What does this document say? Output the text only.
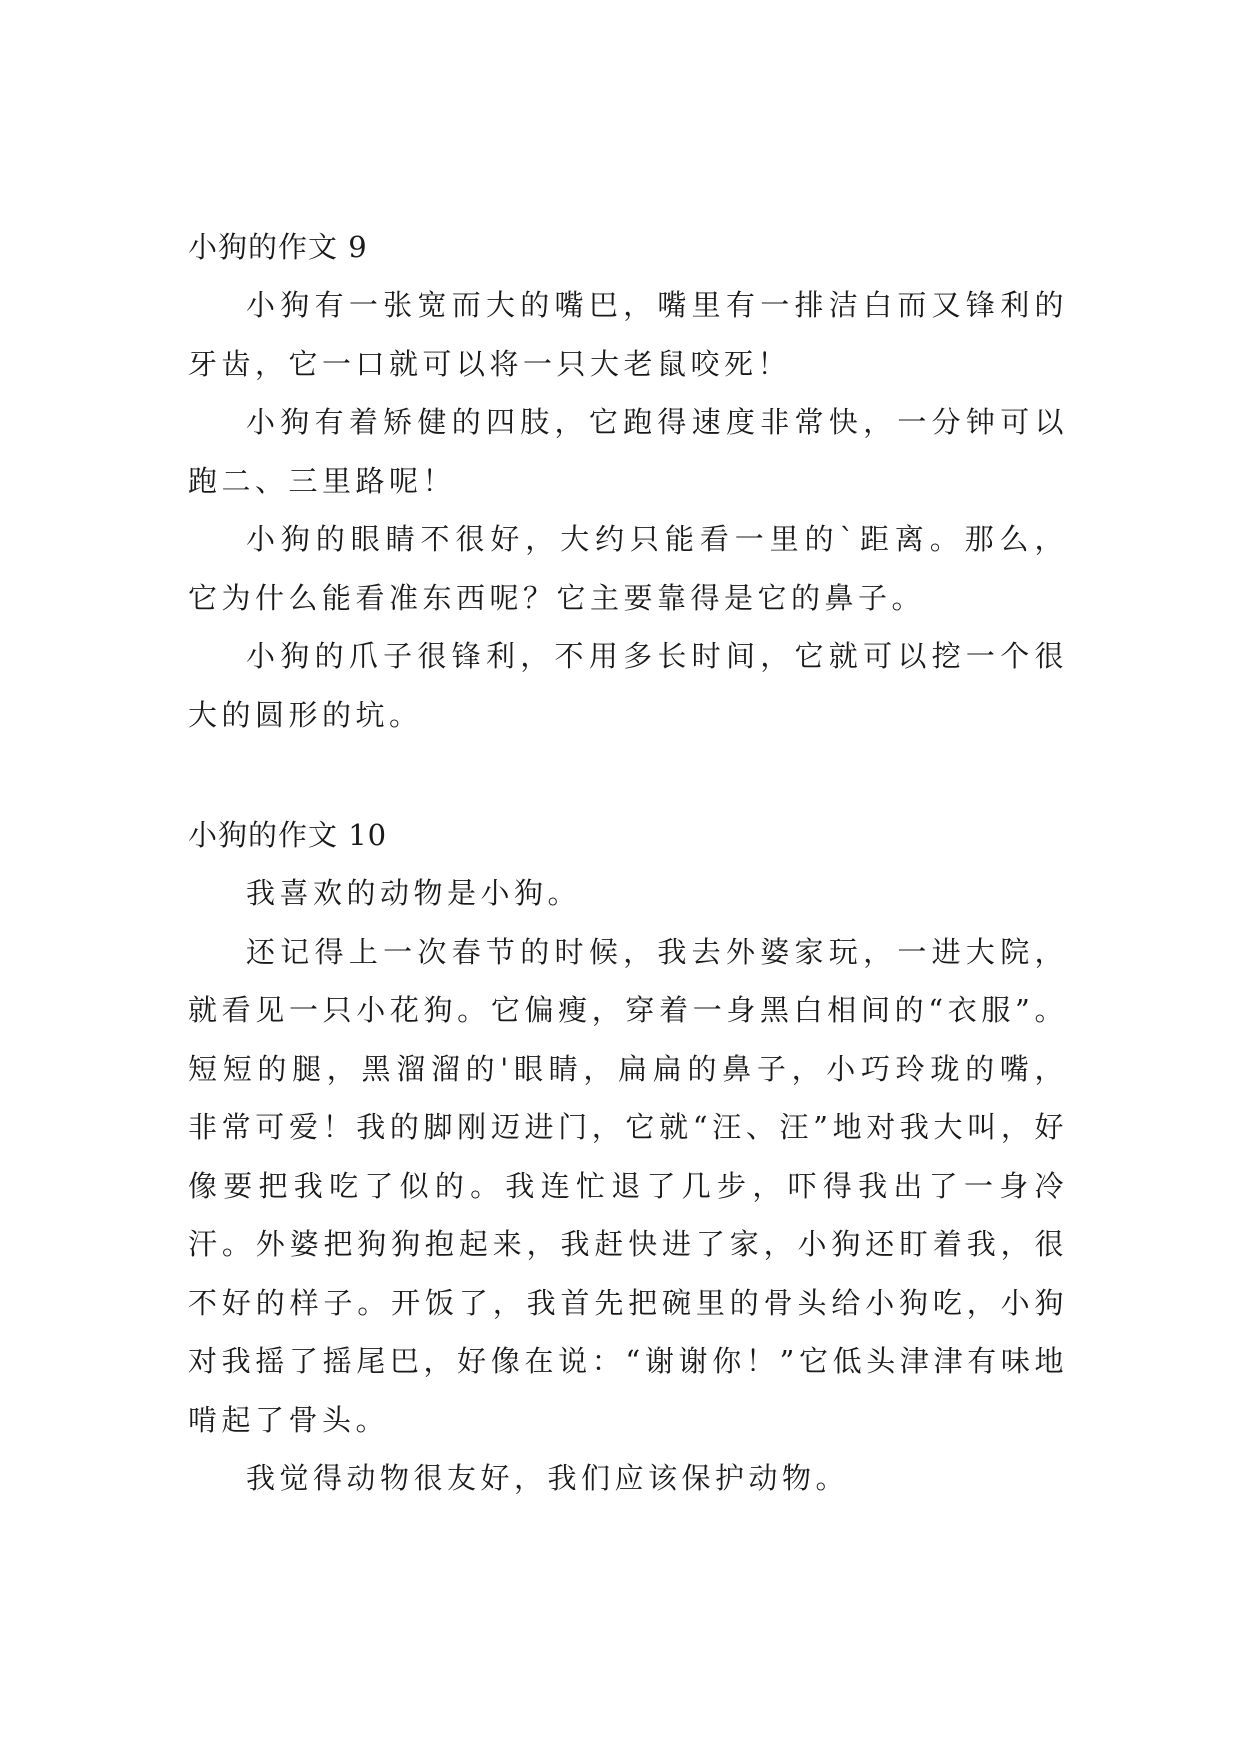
小狗的作文 9

小狗有一张宽而大的嘴巴，嘴里有一排洁白而又锋利的牙齿，它一口就可以将一只大老鼠咬死！

小狗有着矫健的四肢，它跑得速度非常快，一分钟可以跑二、三里路呢！

小狗的眼睛不很好，大约只能看一里的`距离。那么，它为什么能看准东西呢？它主要靠得是它的鼻子。

小狗的爪子很锋利，不用多长时间，它就可以挖一个很大的圆形的坑。

小狗的作文 10

我喜欢的动物是小狗。

还记得上一次春节的时候，我去外婆家玩，一进大院，就看见一只小花狗。它偏瘦，穿着一身黑白相间的“衣服”。短短的腿，黑溜溜的'眼睛，扁扁的鼻子，小巧玲珑的嘴，非常可爱！我的脚刚迈进门，它就“汪、汪”地对我大叫，好像要把我吃了似的。我连忙退了几步，吓得我出了一身冷汗。外婆把狗狗抱起来，我赶快进了家，小狗还盯着我，很不好的样子。开饭了，我首先把碗里的骨头给小狗吃，小狗对我摇了摇尾巴，好像在说：“谢谢你！”它低头津津有味地啃起了骨头。

我觉得动物很友好，我们应该保护动物。
